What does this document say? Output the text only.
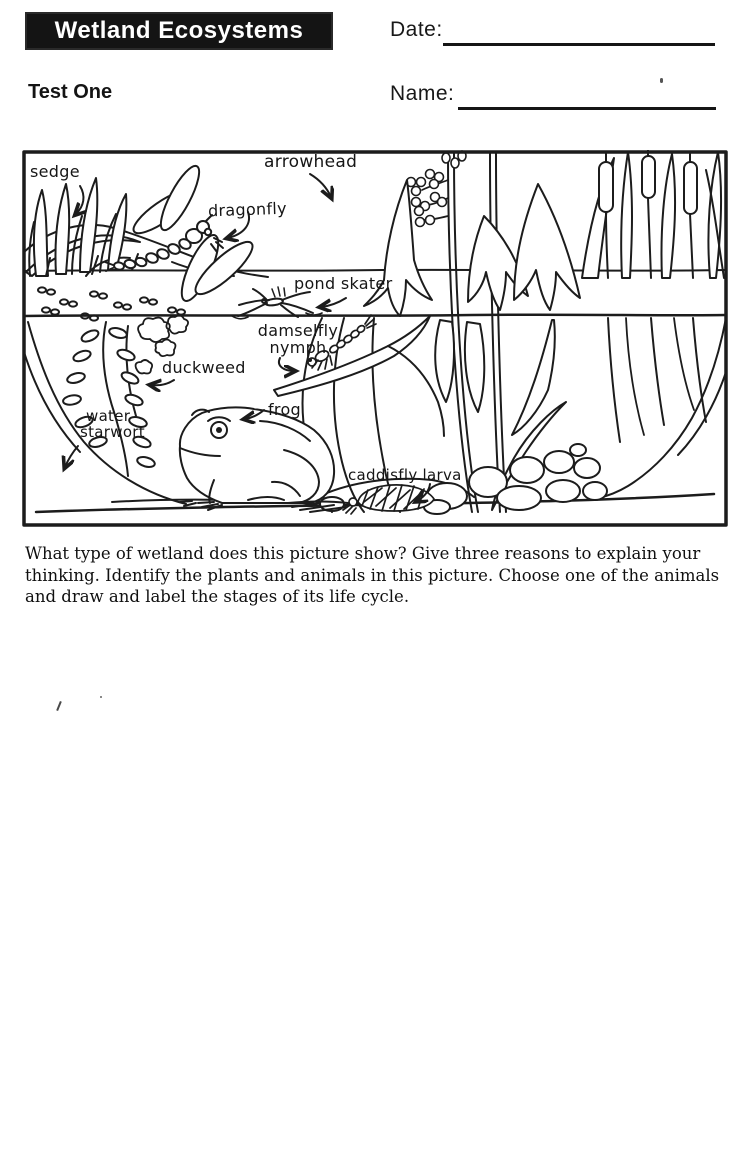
Wetland Ecosystems	Date:
Test One	Name:
sedge
dragonfly
arrowhead
pond skater
damselfly
nymph
duckweed
frog
water
starwort
caddisfly larva
What type of wetland does this picture show? Give three reasons to explain your
thinking. Identify the plants and animals in this picture. Choose one of the animals
and draw and label the stages of its life cycle.
